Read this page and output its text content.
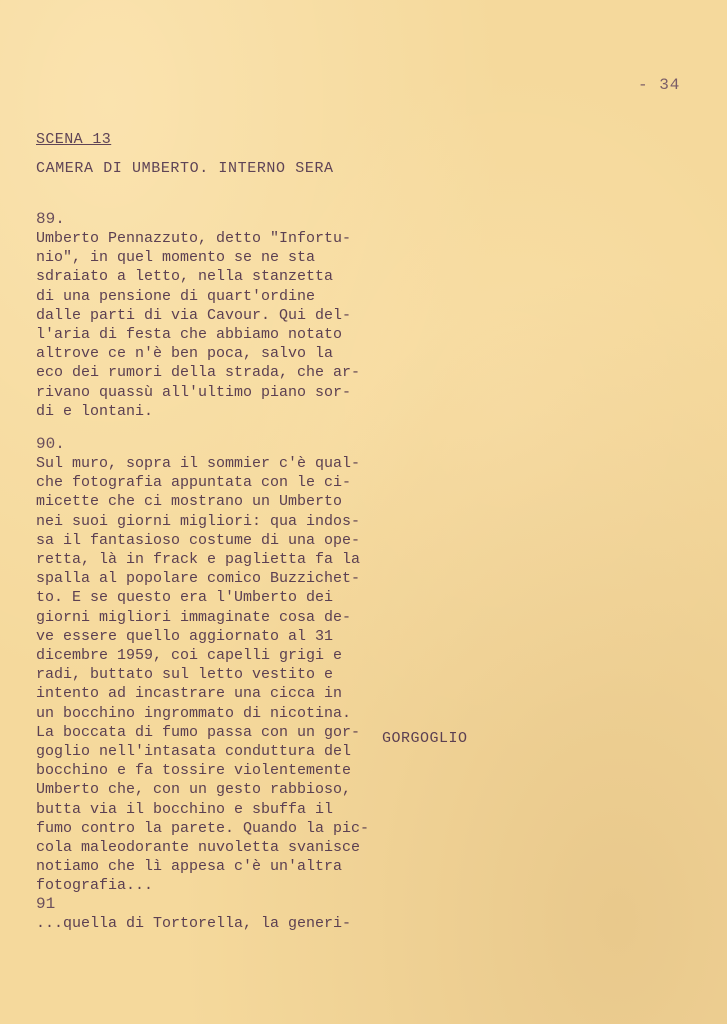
- 34
SCENA 13
CAMERA DI UMBERTO. INTERNO SERA

89.

Umberto Pennazzuto, detto "Infortu-
nio", in quel momento se ne sta
sdraiato a letto, nella stanzetta
di una pensione di quart'ordine
dalle parti di via Cavour. Qui del-
l'aria di festa che abbiamo notato
altrove ce n'è ben poca, salvo la
eco dei rumori della strada, che ar-
rivano quassù all'ultimo piano sor-
di e lontani.

90.

Sul muro, sopra il sommier c'è qual-
che fotografia appuntata con le ci-
micette che ci mostrano un Umberto
nei suoi giorni migliori: qua indos-
sa il fantasioso costume di una ope-
retta, là in frack e paglietta fa la
spalla al popolare comico Buzzichet-
to. E se questo era l'Umberto dei
giorni migliori immaginate cosa de-
ve essere quello aggiornato al 31
dicembre 1959, coi capelli grigi e
radi, buttato sul letto vestito e
intento ad incastrare una cicca in
un bocchino ingrommato di nicotina.
La boccata di fumo passa con un gor-
goglio nell'intasata conduttura del
bocchino e fa tossire violentemente
Umberto che, con un gesto rabbioso,
butta via il bocchino e sbuffa il
fumo contro la parete. Quando la pic-
cola maleodorante nuvoletta svanisce
notiamo che lì appesa c'è un'altra
fotografia...

GORGOGLIO

91

...quella di Tortorella, la generi-
